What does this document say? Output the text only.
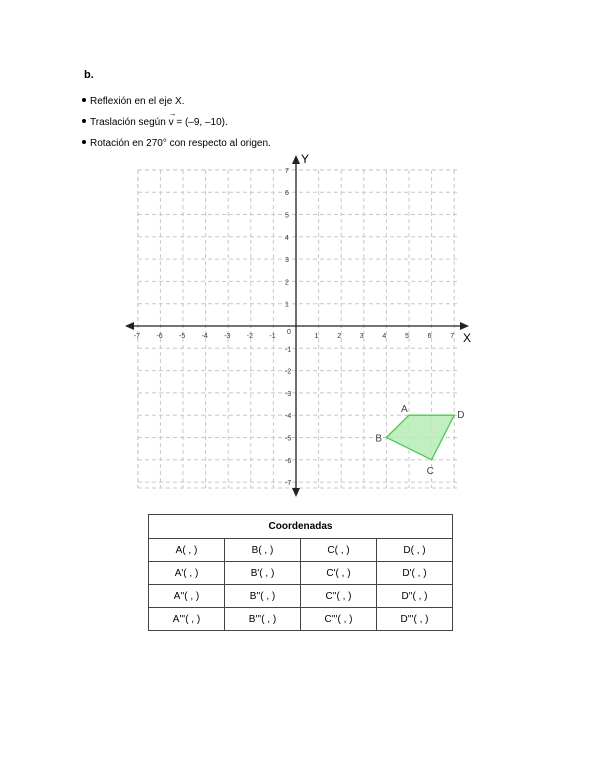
b.
Reflexión en el eje X.
Traslación según
→
v = (–9, –10).
Rotación en 270° con respecto al origen.
X
Y
-7 -6 -5 -4 -3 -2 -1	1	2	3	4	5	6	7
7
6
5
4
3
2
1
-1
-2
-3
-4
-5
-6
-7
0
A
D
C
B
Coordenadas			
A( , )	B( , )	C( , )	D( , )
A'( , )	B'( , )	C'( , )	D'( , )
A''( , )	B''( , )	C''( , )	D''( , )
A'''( , )	B'''( , )	C'''( , )	D'''( , )
